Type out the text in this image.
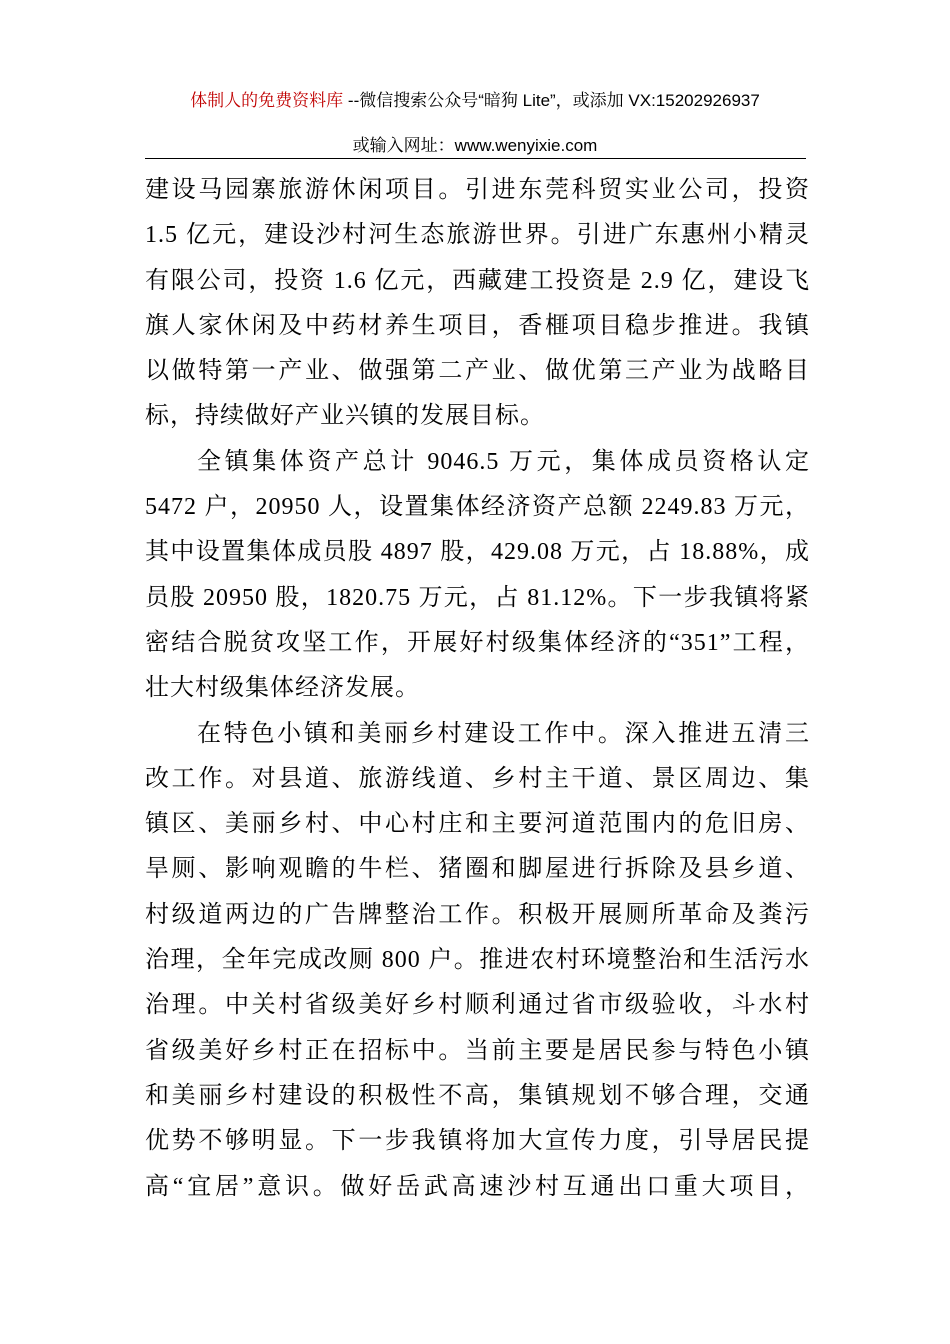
体制人的免费资料库 --微信搜索公众号“暗狗 Lite”，或添加 VX:15202926937
或输入网址：www.wenyixie.com
建设马园寨旅游休闲项目。引进东莞科贸实业公司，投资
1.5 亿元，建设沙村河生态旅游世界。引进广东惠州小精灵
有限公司，投资 1.6 亿元，西藏建工投资是 2.9 亿，建设飞
旗人家休闲及中药材养生项目，香榧项目稳步推进。我镇
以做特第一产业、做强第二产业、做优第三产业为战略目
标，持续做好产业兴镇的发展目标。
全镇集体资产总计 9046.5 万元，集体成员资格认定
5472 户，20950 人，设置集体经济资产总额 2249.83 万元，
其中设置集体成员股 4897 股，429.08 万元，占 18.88%，成
员股 20950 股，1820.75 万元，占 81.12%。下一步我镇将紧
密结合脱贫攻坚工作，开展好村级集体经济的“351”工程，
壮大村级集体经济发展。
在特色小镇和美丽乡村建设工作中。深入推进五清三
改工作。对县道、旅游线道、乡村主干道、景区周边、集
镇区、美丽乡村、中心村庄和主要河道范围内的危旧房、
旱厕、影响观瞻的牛栏、猪圈和脚屋进行拆除及县乡道、
村级道两边的广告牌整治工作。积极开展厕所革命及粪污
治理，全年完成改厕 800 户。推进农村环境整治和生活污水
治理。中关村省级美好乡村顺利通过省市级验收，斗水村
省级美好乡村正在招标中。当前主要是居民参与特色小镇
和美丽乡村建设的积极性不高，集镇规划不够合理，交通
优势不够明显。下一步我镇将加大宣传力度，引导居民提
高“宜居”意识。做好岳武高速沙村互通出口重大项目，
